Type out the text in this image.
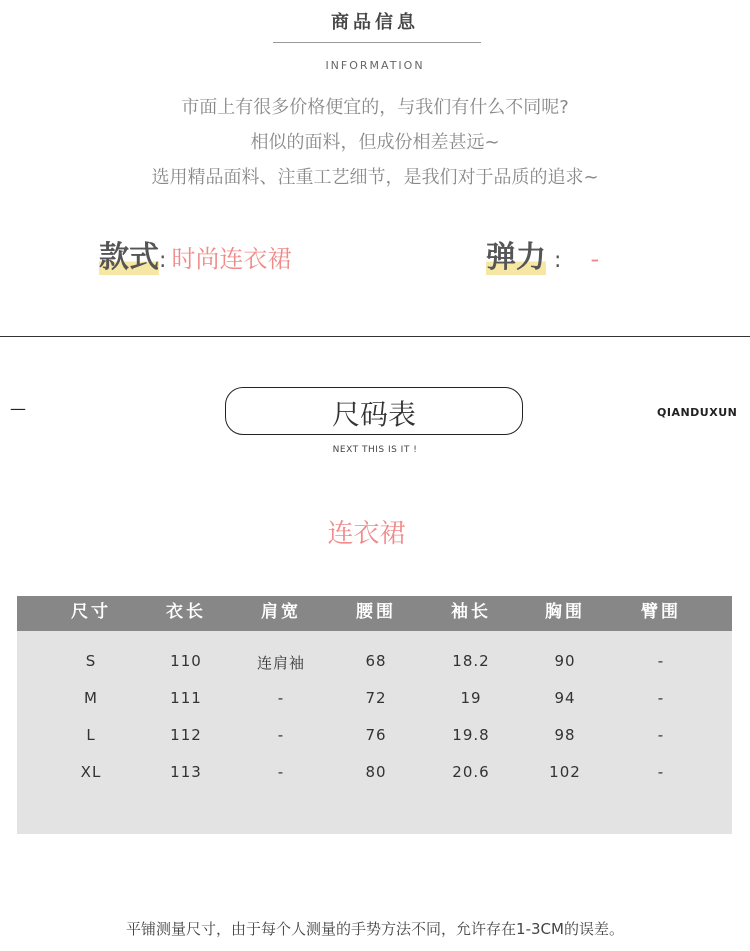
商品信息
INFORMATION
市面上有很多价格便宜的，与我们有什么不同呢?
相似的面料，但成份相差甚远~
选用精品面料、注重工艺细节，是我们对于品质的追求~
款式: 时尚连衣裙	弹力 : -
—	尺码表
NEXT THIS IS IT !
QIANDUXUN
连衣裙
尺寸	衣长	肩宽	腰围	袖长	胸围	臂围
S	110	连肩袖	68	18.2	90	-
M	111	-	72	19	94	-
L	112	-	76	19.8	98	-
XL	113	-	80	20.6	102	-
平铺测量尺寸，由于每个人测量的手势方法不同，允许存在1-3CM的误差。
